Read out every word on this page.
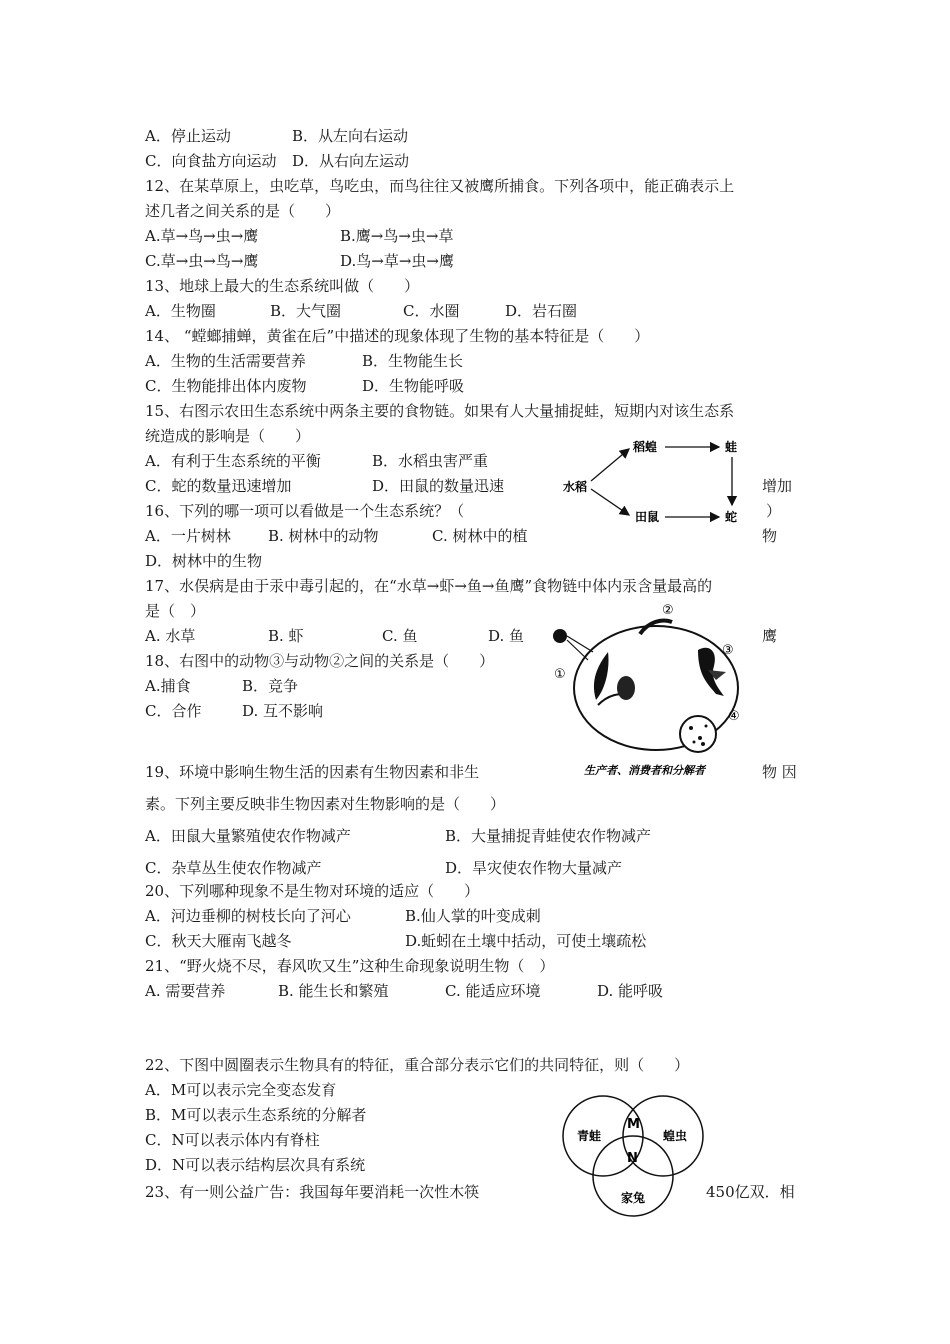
A．停止运动	B．从左向右运动
C．向食盐方向运动 D．从右向左运动
12、在某草原上，虫吃草，鸟吃虫，而鸟往往又被鹰所捕食。下列各项中，能正确表示上
述几者之间关系的是（　　）
A.草→鸟→虫→鹰	B.鹰→鸟→虫→草
C.草→虫→鸟→鹰	D.鸟→草→虫→鹰
13、地球上最大的生态系统叫做（　　）
A．生物圈	B．大气圈	C．水圈	D．岩石圈
14、 “螳螂捕蝉，黄雀在后”中描述的现象体现了生物的基本特征是（　　）
A．生物的生活需要营养	B．生物能生长
C．生物能排出体内废物	D．生物能呼吸
15、右图示农田生态系统中两条主要的食物链。如果有人大量捕捉蛙，短期内对该生态系
统造成的影响是（　　）
A．有利于生态系统的平衡	B．水稻虫害严重
C．蛇的数量迅速增加	D．田鼠的数量迅速	增加
水稻
稻蝗	蛙
田鼠	蛇
16、下列的哪一项可以看做是一个生态系统？（	）
A．一片树林 B. 树林中的动物	C. 树林中的植	物
D．树林中的生物
17、水俣病是由于汞中毒引起的，在“水草→虾→鱼→鱼鹰”食物链中体内汞含量最高的
是（　）
A. 水草	B. 虾	C. 鱼	D. 鱼	鹰
①
②
③
④
生产者、消费者和分解者
18、右图中的动物③与动物②之间的关系是（　　）
A.捕食	B．竞争
C．合作	D. 互不影响
19、环境中影响生物生活的因素有生物因素和非生	物 因
素。下列主要反映非生物因素对生物影响的是（　　）
A．田鼠大量繁殖使农作物减产	B．大量捕捉青蛙使农作物减产
C．杂草丛生使农作物减产	D．旱灾使农作物大量减产
20、下列哪种现象不是生物对环境的适应（　　）
A．河边垂柳的树枝长向了河心	B.仙人掌的叶变成刺
C．秋天大雁南飞越冬	D.蚯蚓在土壤中括动，可使土壤疏松
21、“野火烧不尽，春风吹又生”这种生命现象说明生物（　）
A. 需要营养	B. 能生长和繁殖	C. 能适应环境	D. 能呼吸
22、下图中圆圈表示生物具有的特征，重合部分表示它们的共同特征，则（　　）
A．M可以表示完全变态发育
B．M可以表示生态系统的分解者
C．N可以表示体内有脊柱
D．N可以表示结构层次具有系统
青蛙	蝗虫
家兔
M
N
23、有一则公益广告：我国每年要消耗一次性木筷	450亿双．相
